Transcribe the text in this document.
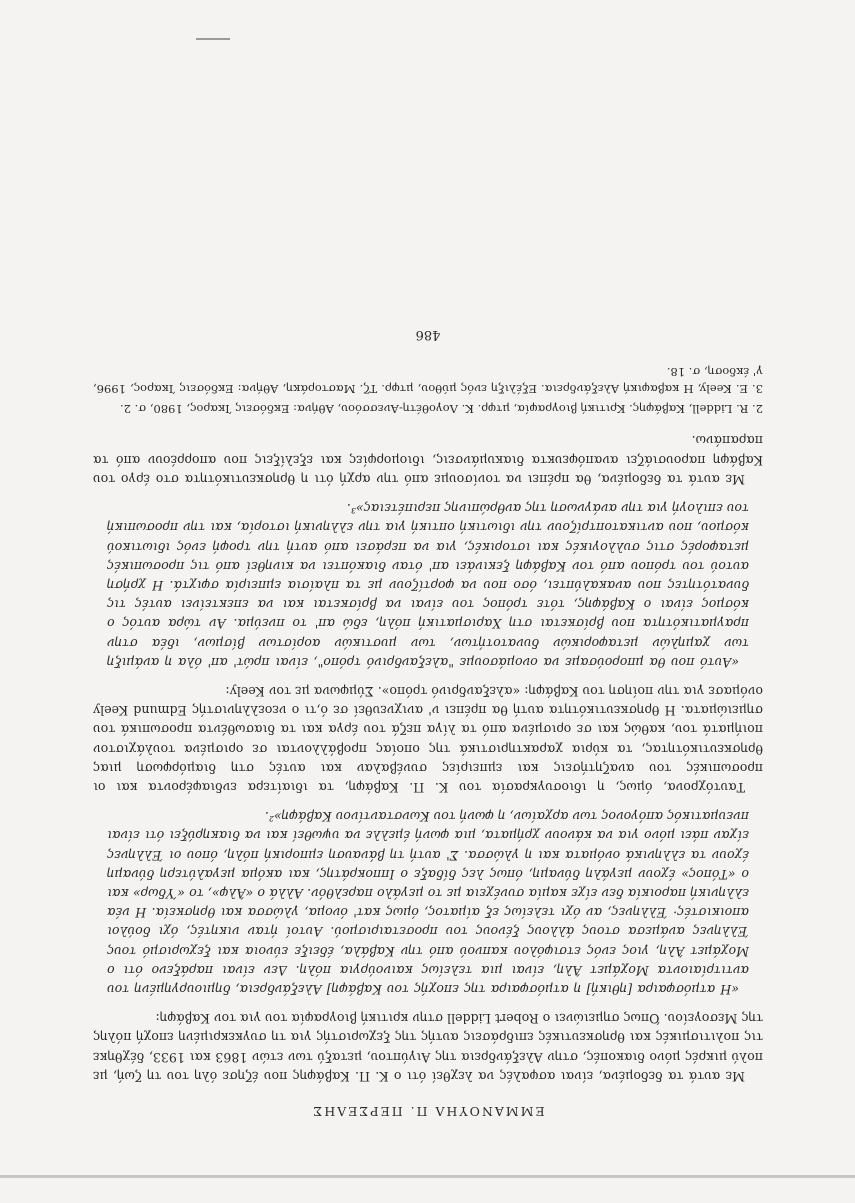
ΕΜΜΑΝΟΥΗΛ Π. ΠΕΡΣΕΛΗΣ

Με αυτά τα δεδομένα, είναι ασφαλές να λεχθεί ότι ο Κ. Π. Καβάφης που έζησε όλη του τη ζωή, με πολύ μικρές μόνο διακοπές, στην Αλεξάνδρεια της Αιγύπτου, μεταξύ των ετών 1863 και 1933, δέχθηκε τις πολιτισμικές και θρησκευτικές επιδράσεις αυτής της ξεχωριστής για τη συγκεκριμένη εποχή πόλης της Μεσογείου. Όπως σημειώνει ο Robert Liddell στην κριτική βιογραφία του για τον Καβάφη:

«Η ατμόσφαιρα [ηθική] η ατμόσφαιρα της εποχής του Καβάφη] Αλεξάνδρεια, δημιουργημένη του αντιτρίαιοντα Μοχάμετ Άλη, είναι μια τελείως καινούργια πόλη. Δεν είναι παράξενο ότι ο Μοχάμετ Άλη, γιος ενός ετσιφόλου καπνού από την Καβάλα, έδειξε εύνοια και ξεχωρισμό τους Έλληνες ανάμεσα στους άλλους ξένους του προσεταιρισμού. Αυτοί ήταν νικητές, όχι δούλοι αποικιστές· Έλληνες, αν όχι τελείως εξ αίματος, όμως κατ' όνομα, γλώσσα και θρησκεία. Η νέα ελληνική παροικία δεν είχε καμία συνέχεια με το μεγάλο παρελθόν. Αλλά ο «Άλφ», το «Ύδωρ» και ο «Τόπος» έχουν μεγάλη δύναμη, όπως λες δίδαξε ο Ιπποκράτης, και ακόμα μεγαλύτερη δύναμη έχουν τα ελληνικά ονόματα και η γλώσσα. Σ' αυτή τη βάναυση εμπορική πόλη, όπου οι Έλληνες είχαν πάει μόνο για να κάνουν χρήματα, μια φωνή έμελλε να υψωθεί και να διακηρύξει ότι είναι πνευματικός απόγονος των αρχαίων, η φωνή του Κωνσταντίνου Καβάφη»².

Ταυτόχρονα, όμως, η ιδιοσυγκρασία του Κ. Π. Καβάφη, τα ιδιαίτερα ενδιαφέροντα και οι προσωπικές του αναζητήσεις και εμπειρίες συνέβαλαν και αυτές στη διαμόρφωση μιας θρησκευτικότητας, τα κύρια χαρακτηριστικά της οποίας προβάλλονται σε ορισμένα τουλάχιστον ποιήματά του, καθώς και σε ορισμένα από τα λίγα πεζά του έργα και τα διασωθέντα προσωπικά του σημειώματα. Η θρησκευτικότητα αυτή θα πρέπει ν' ανιχνευθεί σε ό,τι ο νεοελληνιστής Edmund Keely ονόμασε για την ποίηση του Καβάφη: «αλεξανδρινό τρόπο». Σύμφωνα με τον Keely:

«Αυτό που θα μπορούσαμε να ονομάσουμε "αλεξανδρινό τρόπο", είναι πρώτ' απ' όλα η ανάμιξη των χαμηλών μεταφορικών δυνατοτήτων, των μυστικών αορίστων βίσμων, ιδέα στην πραγματικότητα που βρίσκεται στη Χαρισματική πόλη, εδώ απ' το πνεύμα. Αν τώρα αυτός ο κόσμος είναι ο Καβάφης, τότε τρόπος του είναι να βρίσκεται και να επεκτείνει αυτές τις δυνατότητες που ανακαλύπτει, όσο που να φορτίζουν με τα πλαίσια εμπειρία σφιχτά. Η χρήση αυτού του τρόπου από τον Καβάφη ξεκινάει απ' όταν διακόπτει να κινηθεί από τις προσωπικές μεταφορές στις συλλογικές και ιστορικές, για να περάσει από αυτή την τροφή ενός ιδιωτικού κόσμου, που αντικατοπτρίζουν την ιδιωτική οπτική για την ελληνική ιστορία, και την προσωπική του επιλογή για την ανάγνωση της ανθρώπινης περιπέτειας»³.

Με αυτά τα δεδομένα, θα πρέπει να τονίσουμε από την αρχή ότι η θρησκευτικότητα στο έργο του Καβάφη παρουσιάζει αναπόφευκτα διακυμάνσεις, ιδιομορφίες και εξελίξεις που απορρέουν από τα παραπάνω.

2. R. Liddell, Καβάφης. Κριτική βιογραφία, μτφρ. Κ. Λογοθέτη-Ανεσσόου, Αθήνα: Εκδόσεις Ίκαρος, 1980, σ. 2.
3. E. Keely, Η καβαφική Αλεξάνδρεια. Εξέλιξη ενός μύθου, μτφρ. Τζ. Μαστοράκη, Αθήνα: Εκδόσεις Ίκαρος, 1996, γ' έκδοση, σ. 18.
486
